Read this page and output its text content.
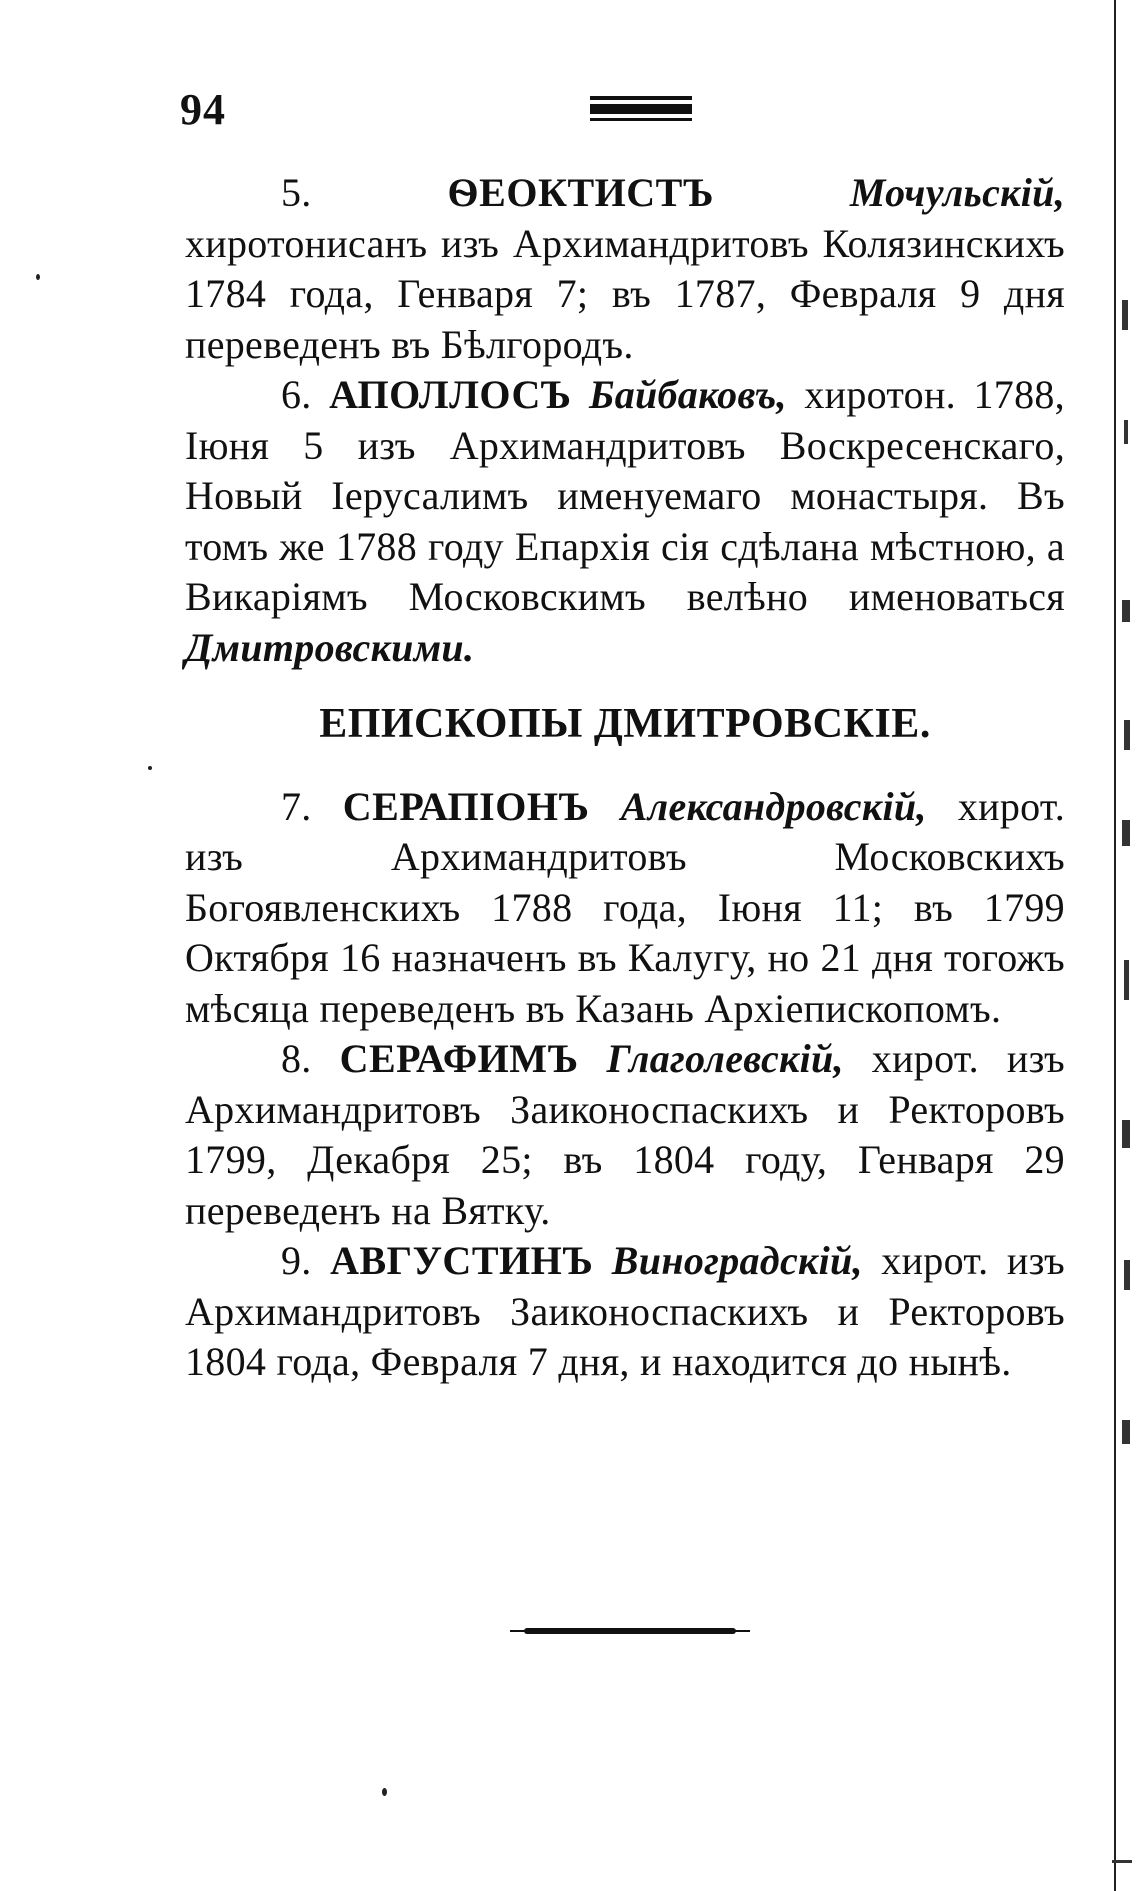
94

5.	ѲЕОКТИСТЪ	Мочульскій, хиротонисанъ изъ Архимандритовъ Колязинскихъ 1784 года, Генваря 7; въ 1787, Февраля 9 дня переведенъ въ Бѣлгородъ.

6. АПОЛЛОСЪ Байбаковъ, хиротон. 1788, Іюня 5 изъ Архимандритовъ Воскресенскаго, Новый Іерусалимъ именуемаго монастыря. Въ томъ же 1788 году Епархія сія сдѣлана мѣстною, а Викаріямъ Московскимъ велѣно именоваться Дмитровскими.

ЕПИСКОПЫ ДМИТРОВСКІЕ.

7. СЕРАПІОНЪ Александровскій, хирот. изъ Архимандритовъ Московскихъ Богоявленскихъ 1788 года, Іюня 11; въ 1799 Октября 16 назначенъ въ Калугу, но 21 дня тогожъ мѣсяца переведенъ въ Казань Архіепископомъ.

8. СЕРАФИМЪ Глаголевскій, хирот. изъ Архимандритовъ Заиконоспаскихъ и Ректоровъ 1799, Декабря 25; въ 1804 году, Генваря 29 переведенъ на Вятку.

9. АВГУСТИНЪ Виноградскій, хирот. изъ Архимандритовъ Заиконоспаскихъ и Ректоровъ 1804 года, Февраля 7 дня, и находится до нынѣ.
